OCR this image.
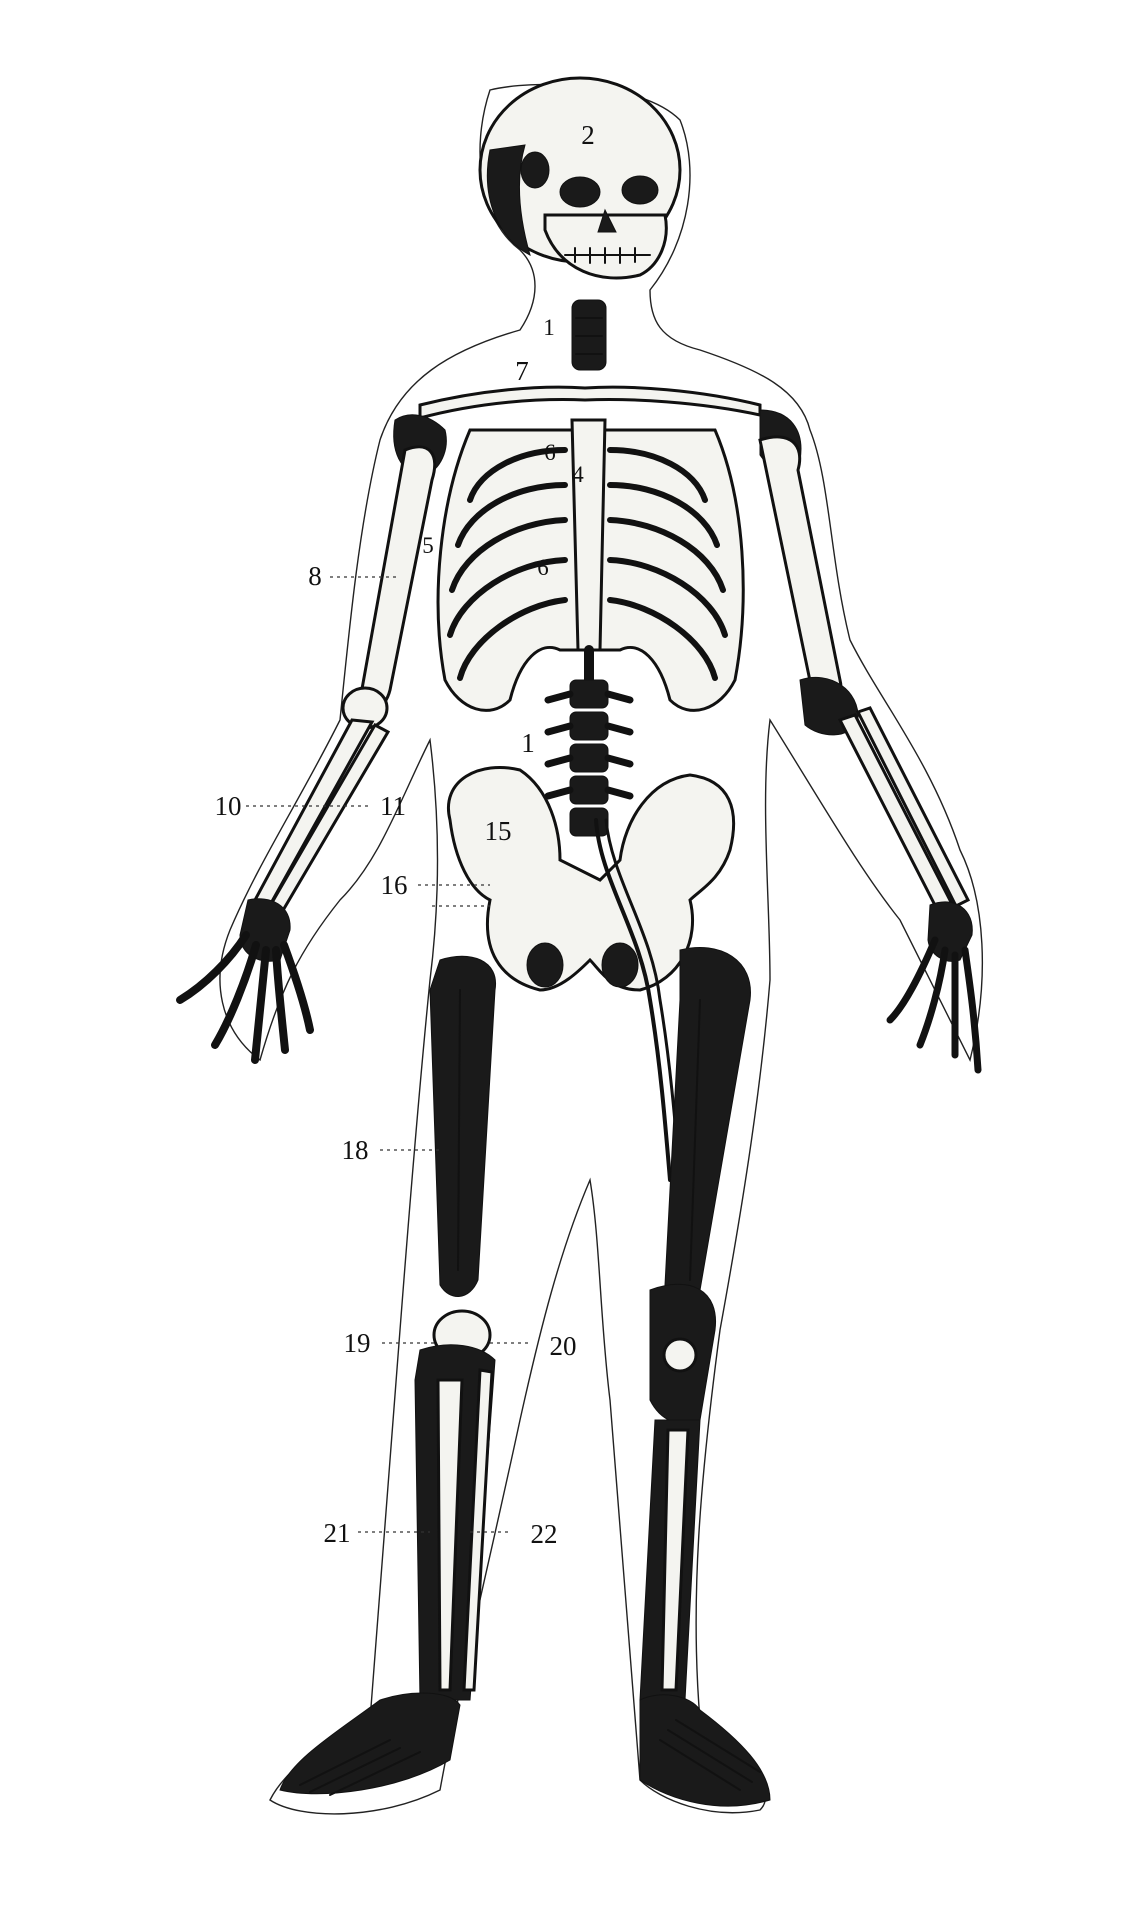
2
1
7
4
6
6
5
8
1
10	11
15
16
18
19	20
21	22
